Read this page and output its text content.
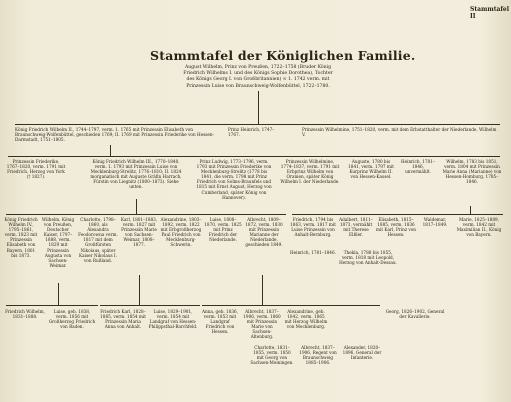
Stammtafel II
Stammtafel der Königlichen Familie.
August Wilhelm, Prinz von Preußen, 1722–1758 (Bruder König
Friedrich Wilhelms I. und des Königs Sophie Dorothea), Tochter
des Königs Georg I. von Großbritannien) ∞ 1. 1742 verm. mit
Prinzessin Luise von Braunschweig-Wolfenbüttel, 1722–1780.
König Friedrich Wilhelm II., 1744–1797, verm. 1. 1765 mit Prinzessin Elisabeth von Braunschweig-Wolfenbüttel, geschieden 1769; II. 1769 mit Prinzessin Friederike von Hessen-Darmstadt, 1751–1805.
Prinz Heinrich, 1747–1767.
Prinzessin Wilhelmine, 1751–1820, verm. mit dem Erbstatthalter der Niederlande, Wilhelm V.
Prinzessin Friederike, 1767–1820, verm. 1791 mit Friedrich, Herzog von York († 1827).
König Friedrich Wilhelm III., 1770–1840, verm. 1. 1793 mit Prinzessin Luise von Mecklenburg-Strelitz, 1776–1810; II. 1824 morganatisch mit Auguste Gräfin Harrach, Fürstin von Liegnitz (1800–1873). Siehe unten.
Prinz Ludwig, 1773–1796, verm. 1793 mit Prinzessin Friederike von Mecklenburg-Strelitz (1778 bis 1841, die verm. 1798 mit Prinz Friedrich von Solms-Braunfels und 1815 mit Ernst August, Herzog von Cumberland, später König von Hannover).
Prinzessin Wilhelmine, 1774–1837, verm. 1791 mit Erbprinz Wilhelm von Oranien, später König Wilhelm I. der Niederlande.
Auguste, 1780 bis 1841, verm. 1797 mit Kurprinz Wilhelm II. von Hessen-Kassel.
Heinrich, 1781–1846, unvermählt.
Wilhelm, 1783 bis 1851, verm. 1804 mit Prinzessin Marie Anna (Marianne) von Hessen-Homburg, 1785–1846.
König Friedrich Wilhelm IV., 1795–1861, verm. 1823 mit Prinzessin Elisabeth von Bayern, 1801 bis 1873.
Wilhelm, König von Preußen, Deutscher Kaiser, 1797–1888, verm. 1829 mit Prinzessin Augusta von Sachsen-Weimar.
Charlotte, 1798–1860, als Alexandra Feodorowna verm. 1817 mit dem Großfürsten Nikolaus, später Kaiser Nikolaus I. von Rußland.
Karl, 1801–1883, verm. 1827 mit Prinzessin Marie von Sachsen-Weimar, 1808–1877.
Alexandrine, 1803–1892, verm. 1822 mit Erbgroßherzog Paul Friedrich von Mecklenburg-Schwerin.
Luise, 1808–1870, verm. 1825 mit Prinz Friedrich der Niederlande.
Albrecht, 1809–1872, verm. 1830 mit Prinzessin Marianne der Niederlande, geschieden 1849.
Friedrich, 1794 bis 1863, verm. 1817 mit Luise Prinzessin von Anhalt-Bernburg.
Adalbert, 1811–1873, vermählt mit Therese Elßler.
Elisabeth, 1815–1885, verm. 1836 mit Karl, Prinz von Hessen.
Waldemar, 1817–1849.
Marie, 1825–1889, verm. 1842 mit Maximilian II., König von Bayern.
Heinrich, 1781–1846.	Thekla, 1788 bis 1855, verm. 1818 mit Leopold, Herzog von Anhalt-Dessau.
Friedrich Wilhelm, 1831–1888.
Luise, geb. 1838, verm. 1856 mit Großherzog Friedrich von Baden.
Friedrich Karl, 1828–1885, verm. 1854 mit Prinzessin Maria Anna von Anhalt.
Luise, 1829–1901, verm. 1854 mit Landgraf von Hessen-Philippsthal-Barchfeld.
Anna, geb. 1836, verm. 1853 mit Landgraf Friedrich von Hessen.
Albrecht, 1837–1906, verm. 1860 mit Prinzessin Marie von Sachsen-Altenburg.
Alexandrine, geb. 1842, verm. 1865 mit Herzog Wilhelm von Mecklenburg.
Georg, 1826–1902, General der Kavallerie.
Charlotte, 1831–1855, verm. 1850 mit Georg von Sachsen-Meiningen.
Albrecht, 1837–1906, Regent von Braunschweig 1885–1906.
Alexander, 1820–1896, General der Infanterie.
